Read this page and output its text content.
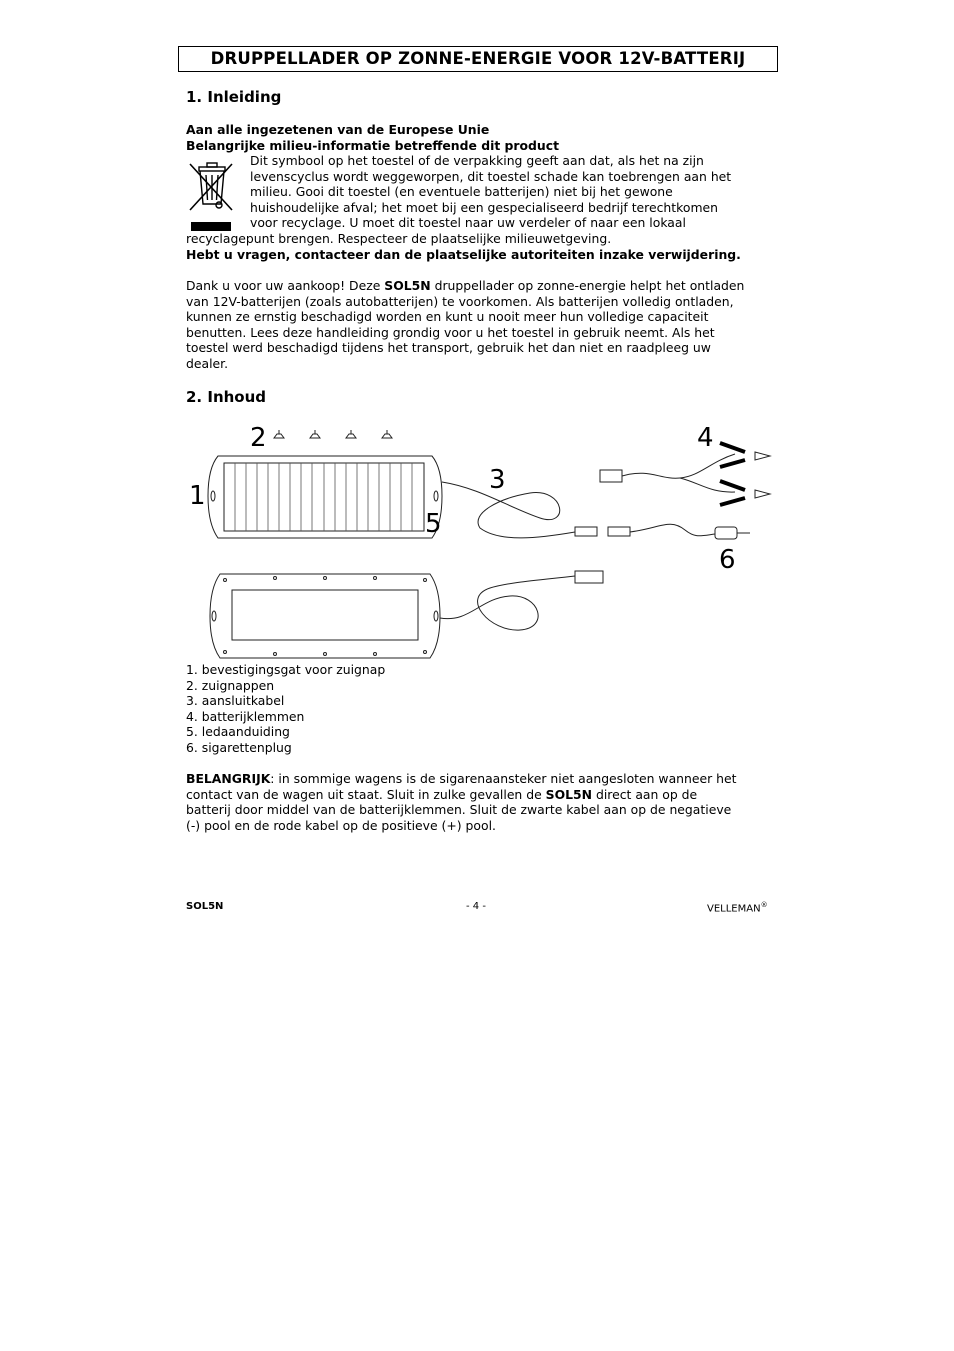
DRUPPELLADER OP ZONNE-ENERGIE VOOR 12V-BATTERIJ
1. Inleiding
Aan alle ingezetenen van de Europese Unie
Belangrijke milieu-informatie betreffende dit product
Dit symbool op het toestel of de verpakking geeft aan dat, als het na zijn
levenscyclus wordt weggeworpen, dit toestel schade kan toebrengen aan het
milieu. Gooi dit toestel (en eventuele batterijen) niet bij het gewone
huishoudelijke afval; het moet bij een gespecialiseerd bedrijf terechtkomen
voor recyclage. U moet dit toestel naar uw verdeler of naar een lokaal
recyclagepunt brengen. Respecteer de plaatselijke milieuwetgeving.
Hebt u vragen, contacteer dan de plaatselijke autoriteiten inzake verwijdering.
Dank u voor uw aankoop! Deze SOL5N druppellader op zonne-energie helpt het ontladen
van 12V-batterijen (zoals autobatterijen) te voorkomen. Als batterijen volledig ontladen,
kunnen ze ernstig beschadigd worden en kunt u nooit meer hun volledige capaciteit
benutten. Lees deze handleiding grondig voor u het toestel in gebruik neemt. Als het
toestel werd beschadigd tijdens het transport, gebruik het dan niet en raadpleeg uw
dealer.
2. Inhoud
1
2
3
4
5
6
1. bevestigingsgat voor zuignap
2. zuignappen
3. aansluitkabel
4. batterijklemmen
5. ledaanduiding
6. sigarettenplug
BELANGRIJK: in sommige wagens is de sigarenaansteker niet aangesloten wanneer het
contact van de wagen uit staat. Sluit in zulke gevallen de SOL5N direct aan op de
batterij door middel van de batterijklemmen. Sluit de zwarte kabel aan op de negatieve
(-) pool en de rode kabel op de positieve (+) pool.
SOL5N	- 4 -	VELLEMAN®
